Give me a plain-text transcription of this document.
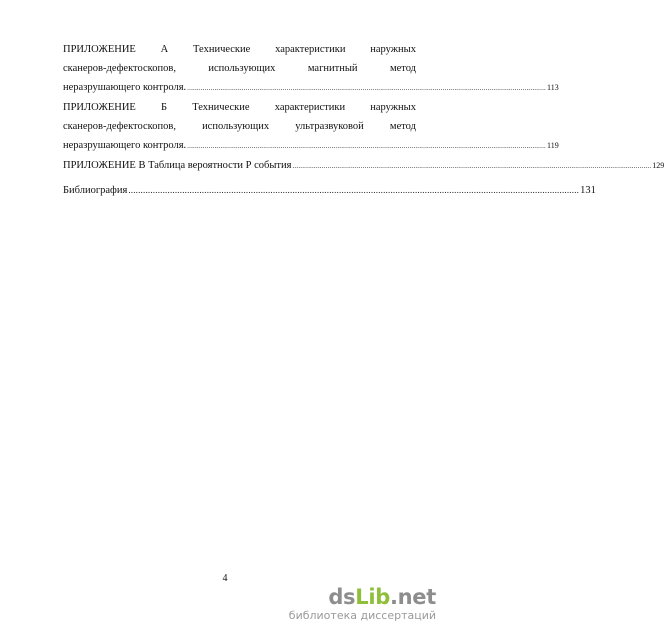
ПРИЛОЖЕНИЕ А Технические характеристики наружных
сканеров-дефектоскопов,	использующих	магнитный	метод
неразрушающего контроля. ........................................................................................................................................................................................ 113
ПРИЛОЖЕНИЕ Б Технические характеристики наружных
сканеров-дефектоскопов, использующих ультразвуковой метод
неразрушающего контроля. ........................................................................................................................................................................................ 119
ПРИЛОЖЕНИЕ В Таблица вероятности Р события ........................................................................................................................................................................................ 129
Библиография ........................................................................................................................................................................................ 131
4
dsLib.net
библиотека диссертаций
